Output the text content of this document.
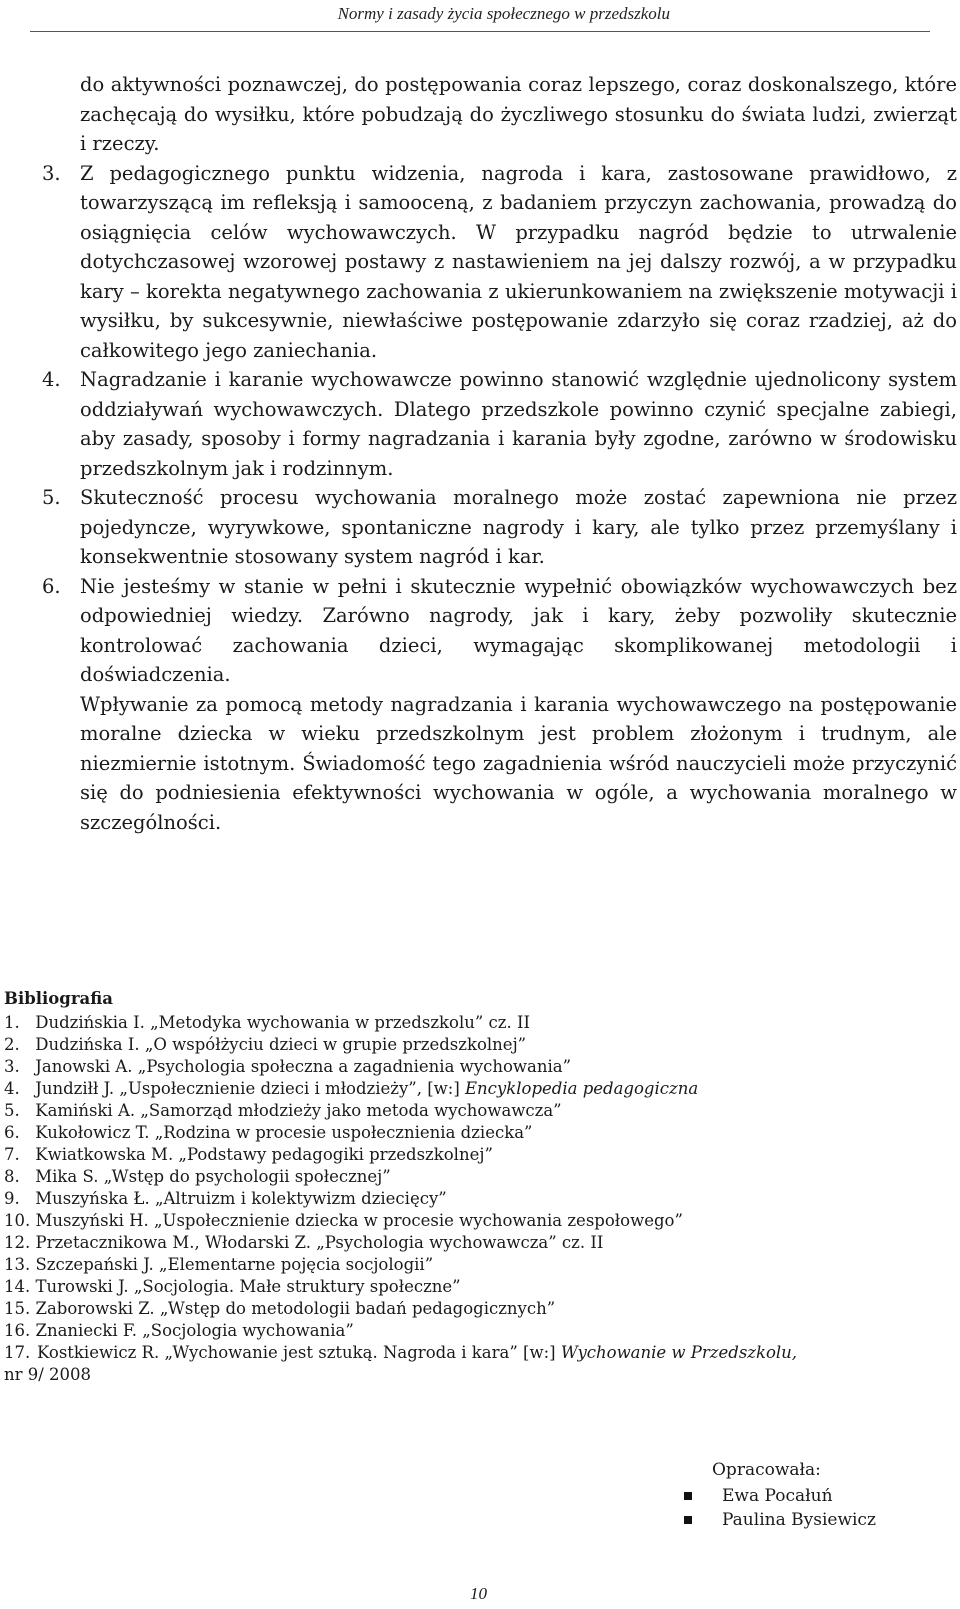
Normy i zasady życia społecznego w przedszkolu

do aktywności poznawczej, do postępowania coraz lepszego, coraz doskonalszego, które zachęcają do wysiłku, które pobudzają do życzliwego stosunku do świata ludzi, zwierząt i rzeczy.

3. Z pedagogicznego punktu widzenia, nagroda i kara, zastosowane prawidłowo, z towarzyszącą im refleksją i samooceną, z badaniem przyczyn zachowania, prowadzą do osiągnięcia celów wychowawczych. W przypadku nagród będzie to utrwalenie dotychczasowej wzorowej postawy z nastawieniem na jej dalszy rozwój, a w przypadku kary – korekta negatywnego zachowania z ukierunkowaniem na zwiększenie motywacji i wysiłku, by sukcesywnie, niewłaściwe postępowanie zdarzyło się coraz rzadziej, aż do całkowitego jego zaniechania.
4. Nagradzanie i karanie wychowawcze powinno stanowić względnie ujednolicony system oddziaływań wychowawczych. Dlatego przedszkole powinno czynić specjalne zabiegi, aby zasady, sposoby i formy nagradzania i karania były zgodne, zarówno w środowisku przedszkolnym jak i rodzinnym.
5. Skuteczność procesu wychowania moralnego może zostać zapewniona nie przez pojedyncze, wyrywkowe, spontaniczne nagrody i kary, ale tylko przez przemyślany i konsekwentnie stosowany system nagród i kar.
6. Nie jesteśmy w stanie w pełni i skutecznie wypełnić obowiązków wychowawczych bez odpowiedniej wiedzy. Zarówno nagrody, jak i kary, żeby pozwoliły skutecznie kontrolować zachowania dzieci, wymagając skomplikowanej metodologii i doświadczenia.

Wpływanie za pomocą metody nagradzania i karania wychowawczego na postępowanie moralne dziecka w wieku przedszkolnym jest problem złożonym i trudnym, ale niezmiernie istotnym. Świadomość tego zagadnienia wśród nauczycieli może przyczynić się do podniesienia efektywności wychowania w ogóle, a wychowania moralnego w szczególności.

Bibliografia
1. Dudzińskia I. „Metodyka wychowania w przedszkolu” cz. II
2. Dudzińska I. „O współżyciu dzieci w grupie przedszkolnej”
3. Janowski A. „Psychologia społeczna a zagadnienia wychowania”
4. Jundziłł J. „Uspołecznienie dzieci i młodzieży”, [w:] Encyklopedia pedagogiczna
5. Kamiński A. „Samorząd młodzieży jako metoda wychowawcza”
6. Kukołowicz T. „Rodzina w procesie uspołecznienia dziecka”
7. Kwiatkowska M. „Podstawy pedagogiki przedszkolnej”
8. Mika S. „Wstęp do psychologii społecznej”
9. Muszyńska Ł. „Altruizm i kolektywizm dziecięcy”
10. Muszyński H. „Uspołecznienie dziecka w procesie wychowania zespołowego”
12. Przetacznikowa M., Włodarski Z. „Psychologia wychowawcza” cz. II
13. Szczepański J. „Elementarne pojęcia socjologii”
14. Turowski J. „Socjologia. Małe struktury społeczne”
15. Zaborowski Z. „Wstęp do metodologii badań pedagogicznych”
16. Znaniecki F. „Socjologia wychowania”
17. Kostkiewicz R. „Wychowanie jest sztuką. Nagroda i kara” [w:] Wychowanie w Przedszkolu,
nr 9/ 2008
Opracowała:
Ewa Pocałuń
Paulina Bysiewicz
10
